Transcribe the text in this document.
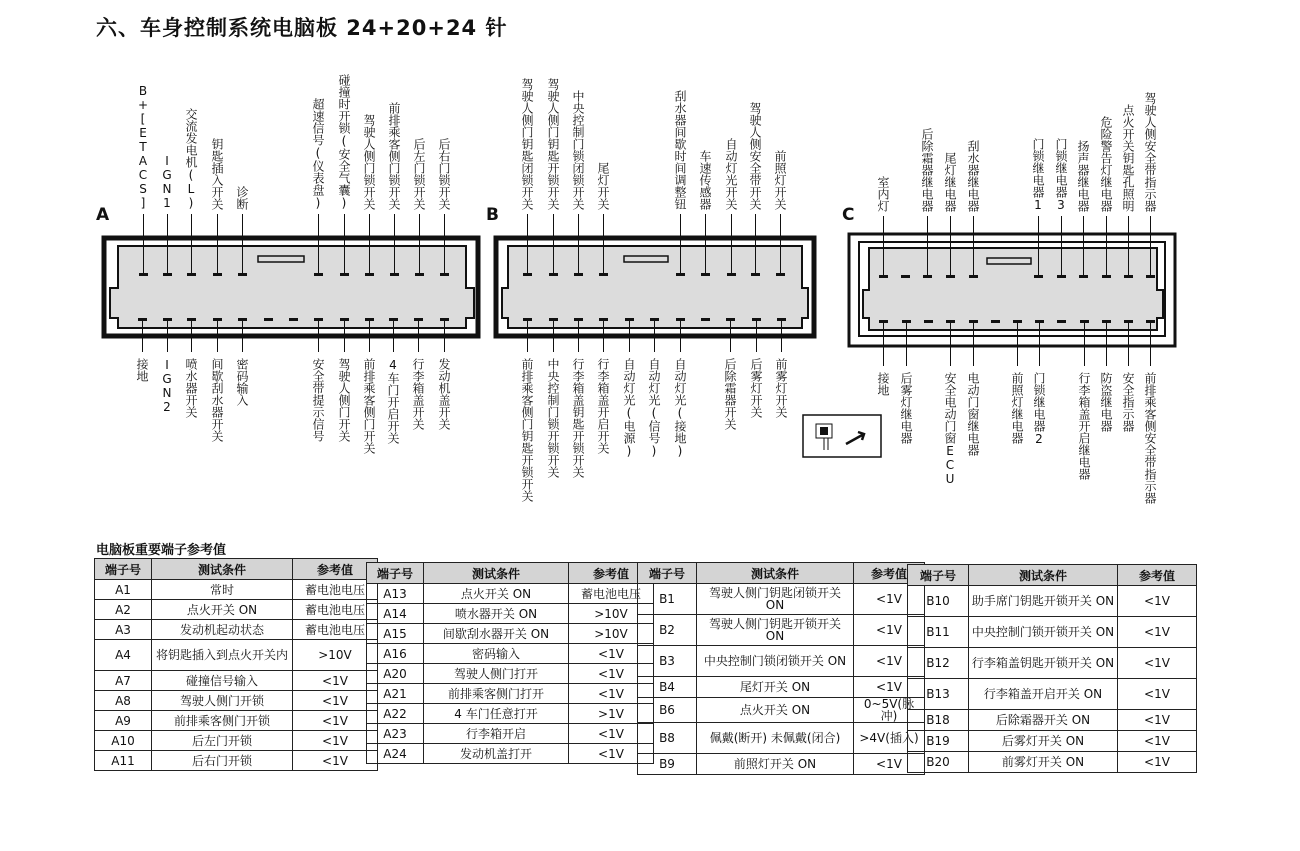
六、车身控制系统电脑板 24+20+24 针
A	B	C
B+[ETACS] IGN1 交流发电机(L) 钥匙插入开关 诊断	超速信号(仪表盘) 碰撞时开锁(安全气囊) 驾驶人侧门锁开关 前排乘客侧门锁开关 后左门锁开关 后右门锁开关
接地 IGN2 喷水器开关 间歇刮水器开关 密码输入	安全带提示信号 驾驶人侧门开关 前排乘客侧门开关 4车门开启开关 行李箱盖开关 发动机盖开关
驾驶人侧门钥匙闭锁开关 驾驶人侧门钥匙开锁开关 中央控制门锁闭锁开关 尾灯开关	刮水器间歇时间调整钮 车速传感器 自动灯光开关 驾驶人侧安全带开关 前照灯开关
前排乘客侧门钥匙开锁开关 中央控制门锁开锁开关 行李箱盖钥匙开锁开关 行李箱盖开启开关 自动灯光(电源) 自动灯光(信号) 自动灯光(接地)	后除霜器开关 后雾灯开关 前雾灯开关
室内灯	后除霜器继电器 尾灯继电器 刮水器继电器	门锁继电器1 门锁继电器3 扬声器继电器 危险警告灯继电器 点火开关钥匙孔照明 驾驶人侧安全带指示器
接地 后雾灯继电器	安全电动门窗ECU 电动门窗继电器	前照灯继电器 门锁继电器2	行李箱盖开启继电器 防盗继电器 安全指示器 前排乘客侧安全带指示器
电脑板重要端子参考值
端子号	测试条件	参考值
A1	常时	蓄电池电压
A2	点火开关 ON	蓄电池电压
A3	发动机起动状态	蓄电池电压
A4	将钥匙插入到点火开关内	>10V
A7	碰撞信号输入	<1V
A8	驾驶人侧门开锁	<1V
A9	前排乘客侧门开锁	<1V
A10	后左门开锁	<1V
A11	后右门开锁	<1V
端子号	测试条件	参考值
A13	点火开关 ON	蓄电池电压
A14	喷水器开关 ON	>10V
A15	间歇刮水器开关 ON	>10V
A16	密码输入	<1V
A20	驾驶人侧门打开	<1V
A21	前排乘客侧门打开	<1V
A22	4 车门任意打开	>1V
A23	行李箱开启	<1V
A24	发动机盖打开	<1V
端子号	测试条件	参考值
B1	驾驶人侧门钥匙闭锁开关 ON	<1V
B2	驾驶人侧门钥匙开锁开关 ON	<1V
B3	中央控制门锁闭锁开关 ON	<1V
B4	尾灯开关 ON	<1V
B6	点火开关 ON	0~5V(脉冲)
B8	佩戴(断开) 未佩戴(闭合)	>4V(插入)
B9	前照灯开关 ON	<1V
端子号	测试条件	参考值
B10	助手席门钥匙开锁开关 ON	<1V
B11	中央控制门锁开锁开关 ON	<1V
B12	行李箱盖钥匙开锁开关 ON	<1V
B13	行李箱盖开启开关 ON	<1V
B18	后除霜器开关 ON	<1V
B19	后雾灯开关 ON	<1V
B20	前雾灯开关 ON	<1V
